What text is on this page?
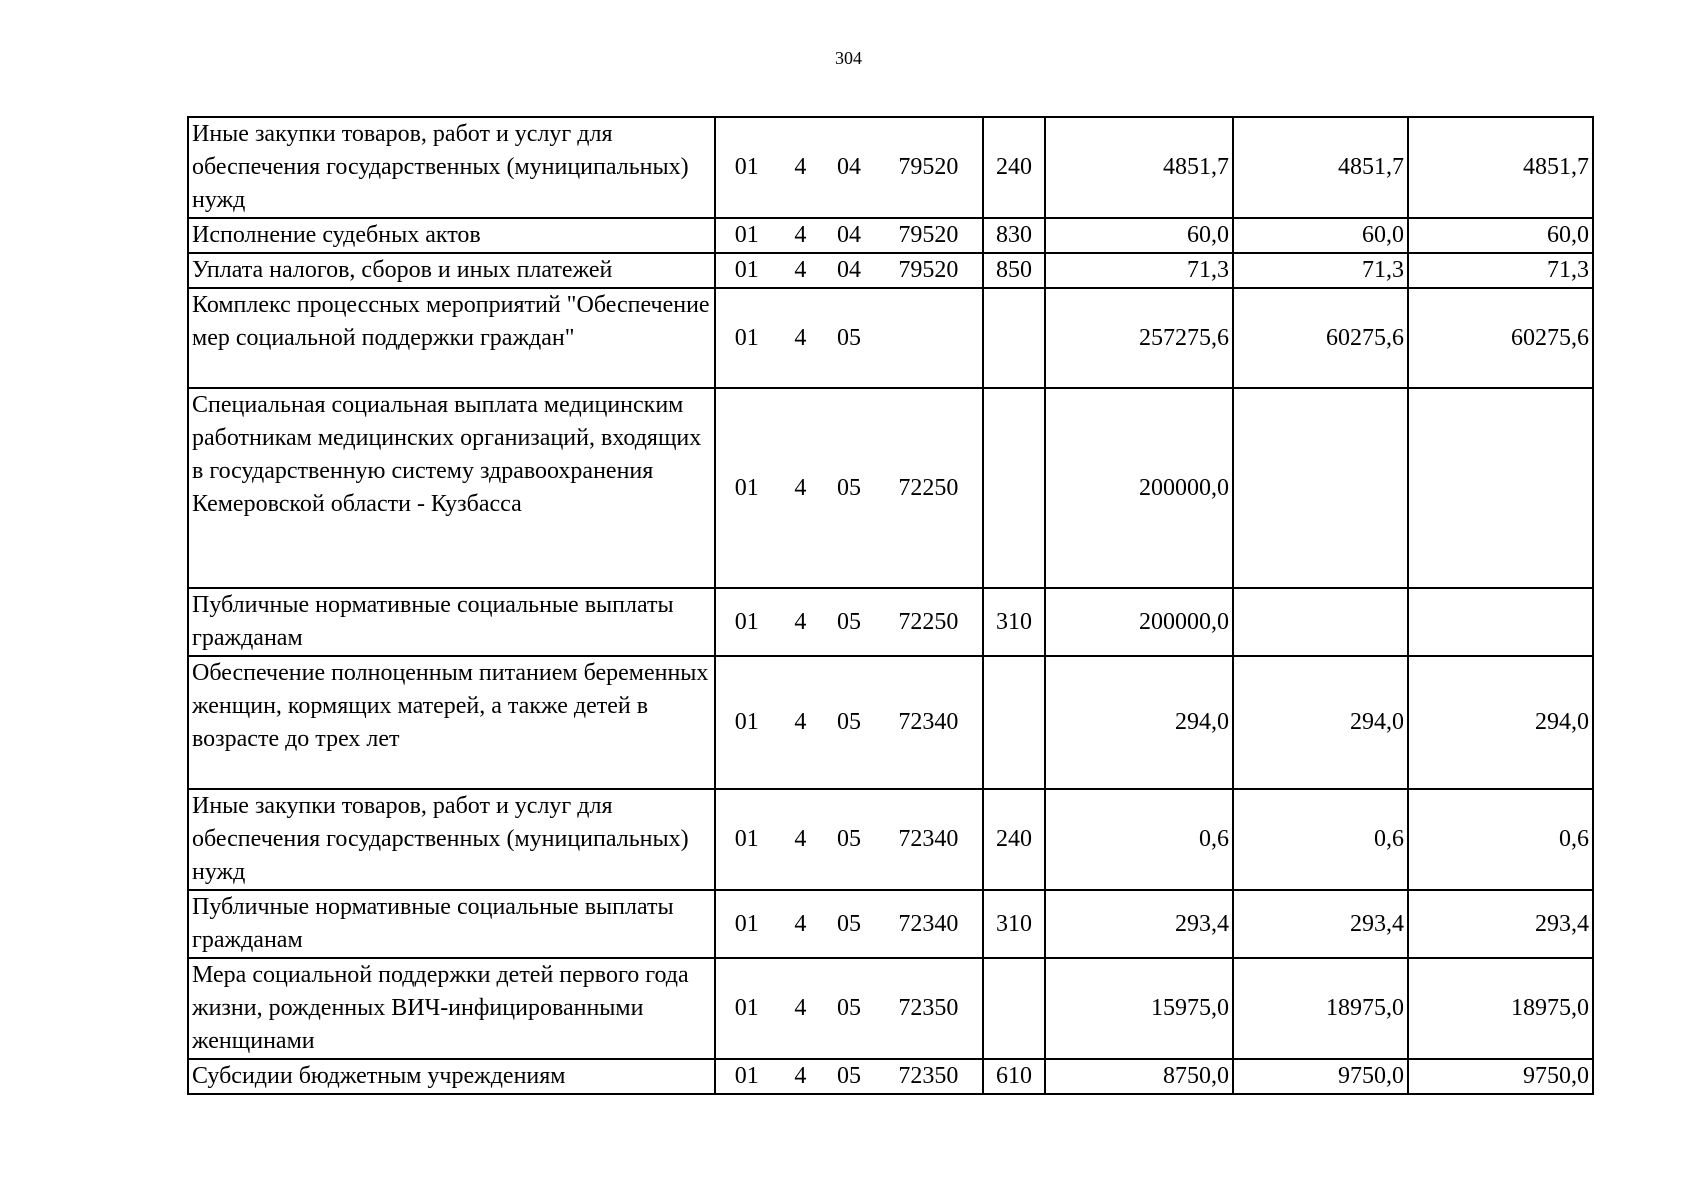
304
Иные закупки товаров, работ и услуг для обеспечения государственных (муниципальных) нужд	01 4 04 79520	240	4851,7	4851,7	4851,7
Исполнение судебных актов	01 4 04 79520	830	60,0	60,0	60,0
Уплата налогов, сборов и иных платежей	01 4 04 79520	850	71,3	71,3	71,3
Комплекс процессных мероприятий "Обеспечение мер социальной поддержки граждан"	01 4 05		257275,6	60275,6	60275,6
Специальная социальная выплата медицинским работникам медицинских организаций, входящих в государственную систему здравоохранения Кемеровской области - Кузбасса	01 4 05 72250		200000,0		
Публичные нормативные социальные выплаты гражданам	01 4 05 72250	310	200000,0		
Обеспечение полноценным питанием беременных женщин, кормящих матерей, а также детей в возрасте до трех лет	01 4 05 72340		294,0	294,0	294,0
Иные закупки товаров, работ и услуг для обеспечения государственных (муниципальных) нужд	01 4 05 72340	240	0,6	0,6	0,6
Публичные нормативные социальные выплаты гражданам	01 4 05 72340	310	293,4	293,4	293,4
Мера социальной поддержки детей первого года жизни, рожденных ВИЧ-инфицированными женщинами	01 4 05 72350		15975,0	18975,0	18975,0
Субсидии бюджетным учреждениям	01 4 05 72350	610	8750,0	9750,0	9750,0
